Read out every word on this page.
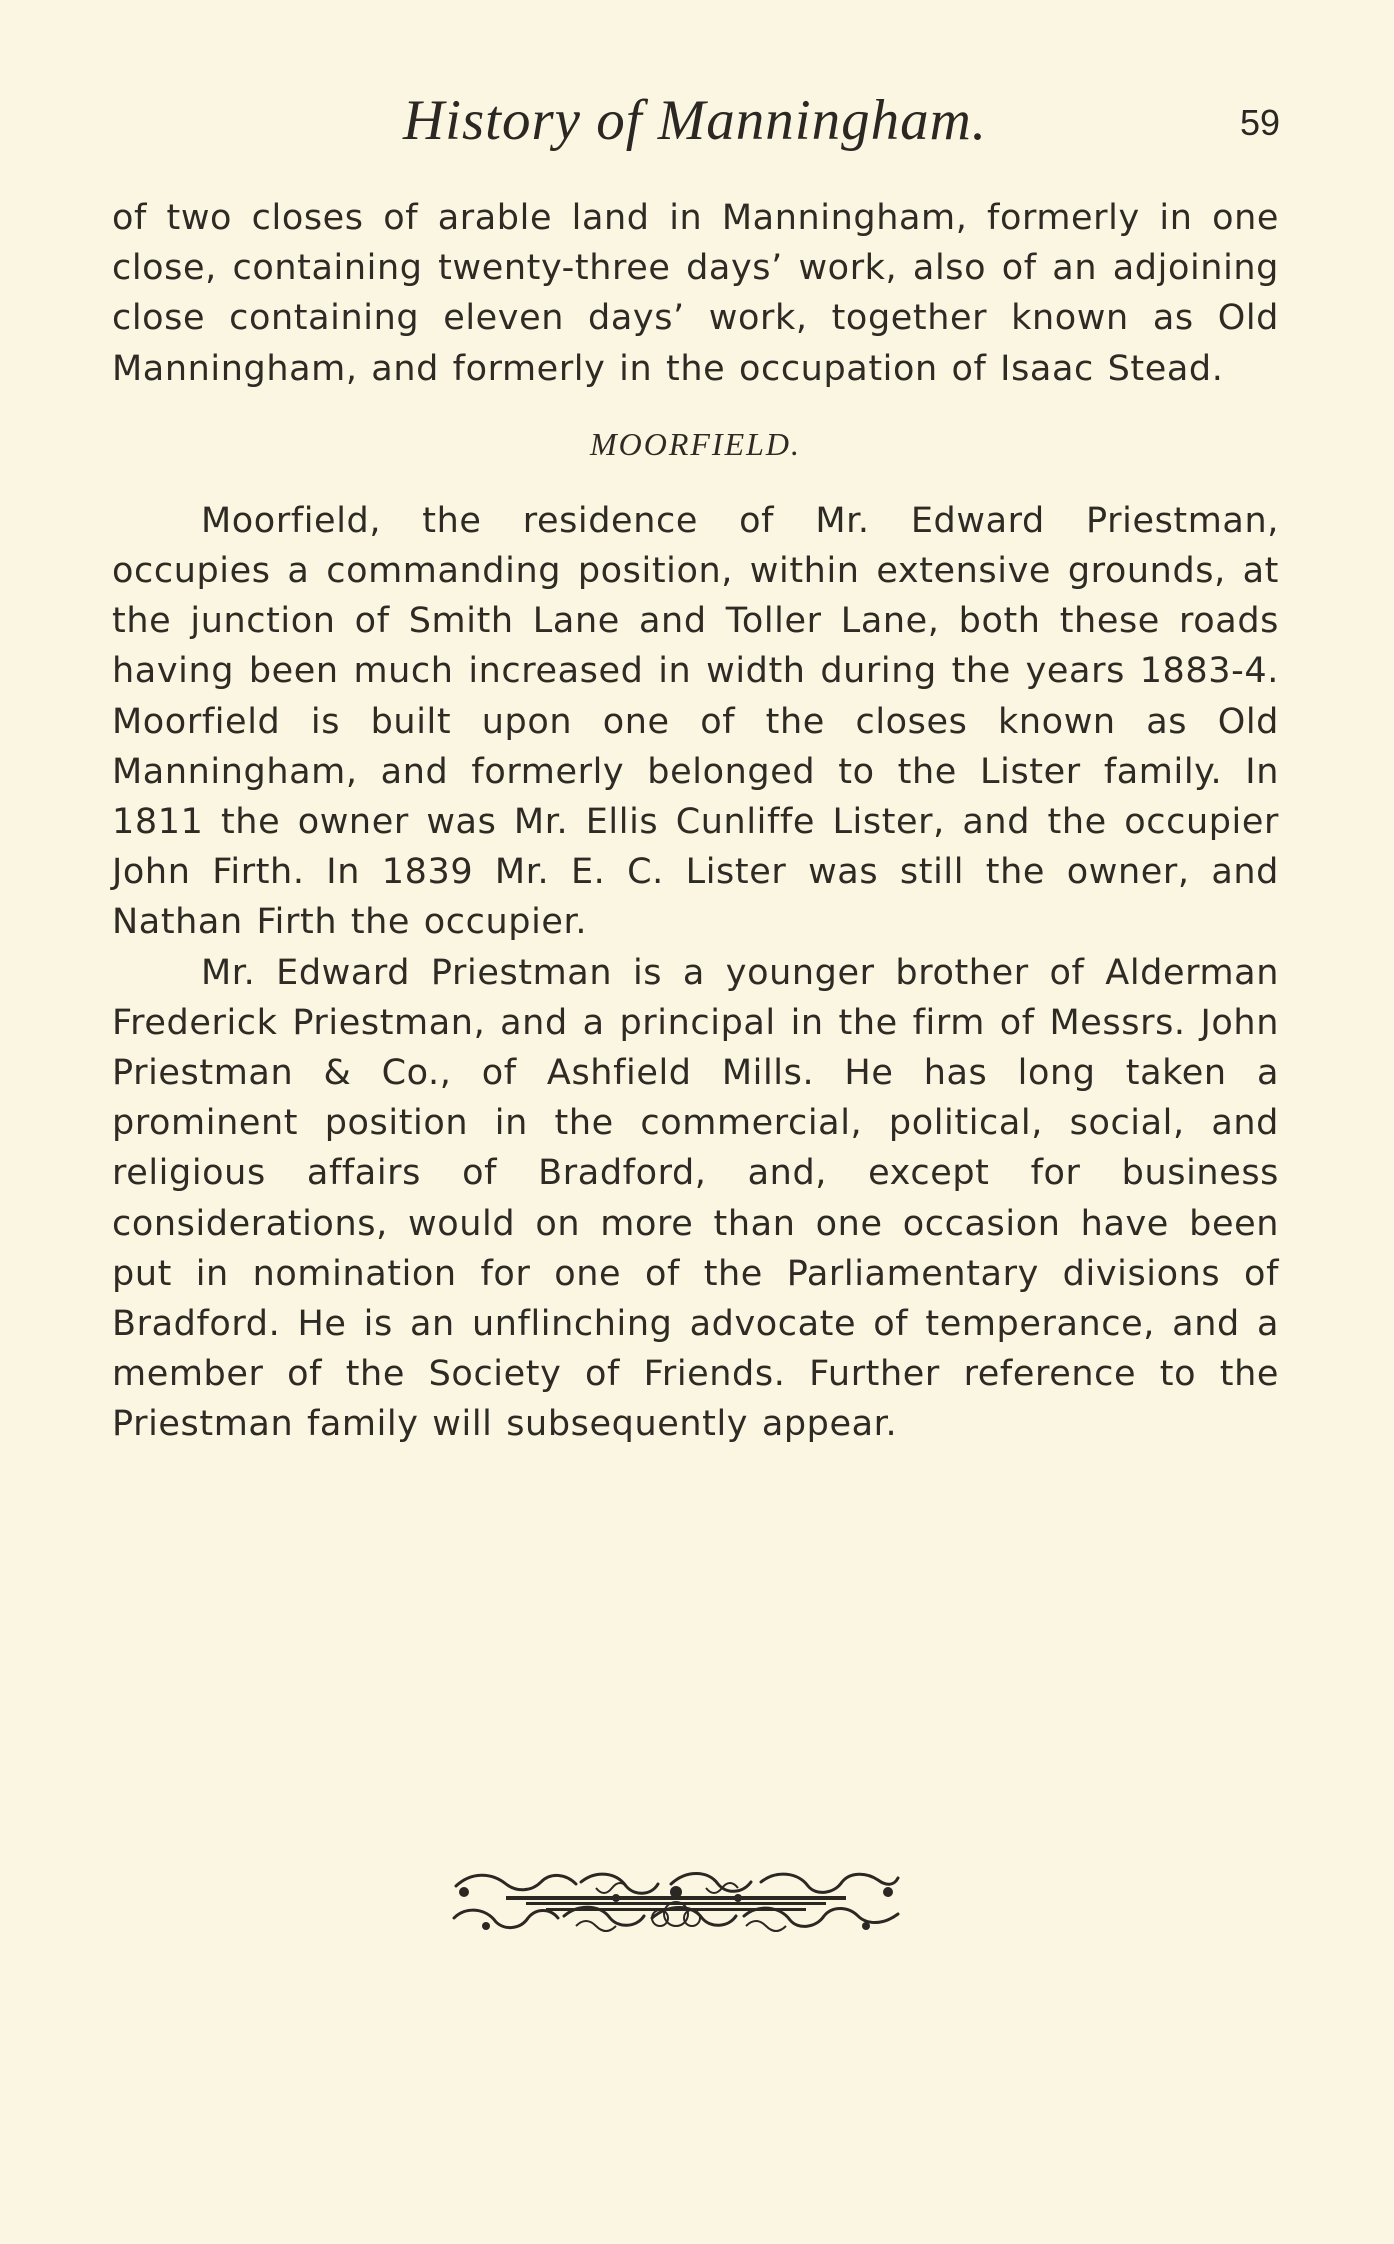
History of Manningham.	59

of two closes of arable land in Manningham, formerly in one close, containing twenty-three days’ work, also of an adjoining close containing eleven days’ work, together known as Old Manningham, and formerly in the occupation of Isaac Stead.

MOORFIELD.

Moorfield, the residence of Mr. Edward Priestman, occupies a commanding position, within extensive grounds, at the junction of Smith Lane and Toller Lane, both these roads having been much increased in width during the years 1883-4. Moorfield is built upon one of the closes known as Old Manningham, and formerly belonged to the Lister family. In 1811 the owner was Mr. Ellis Cunliffe Lister, and the occupier John Firth. In 1839 Mr. E. C. Lister was still the owner, and Nathan Firth the occupier.

Mr. Edward Priestman is a younger brother of Alderman Frederick Priestman, and a principal in the firm of Messrs. John Priestman & Co., of Ashfield Mills. He has long taken a prominent position in the commercial, political, social, and religious affairs of Bradford, and, except for business considerations, would on more than one occasion have been put in nomination for one of the Parliamentary divisions of Bradford. He is an unflinching advocate of temperance, and a member of the Society of Friends. Further reference to the Priestman family will subsequently appear.
